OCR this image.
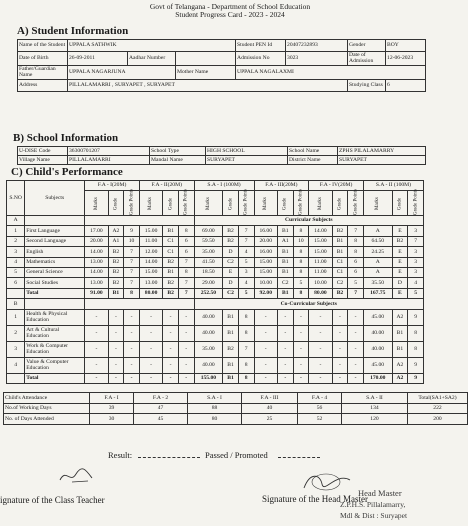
Govt of Telangana - Department of School Education
Student Progress Card - 2023 - 2024
A) Student Information
Name of the Student	UPPALA SATHWIK			Student PEN Id	20407232893	Gender	BOY
Date of Birth	26-09-2011	Aadhar Number		Admission No	3023	Date of Admission	12-06-2023
Father/Guardian Name	UPPALA NAGARJUNA		Mother Name	UPPALA NAGALAXMI			
Address	PILLALAMARRI , SURYAPET , SURYAPET					Studying Class	6
B) School Information
U-DISE Code	36300701207	School Type	HIGH SCHOOL	School Name	ZPHS PILALAMARRY
Village Name	PILLALAMARRI	Mandal Name	SURYAPET	District Name	SURYAPET
C) Child's Performance
S.NO	Subjects	F.A - I(20M)			F.A - II(20M)			S.A - I (100M)			F.A - III(20M)			F.A - IV(20M)			S.A - II (100M)		
		Marks	Grade	Grade Points	Marks	Grade	Grade Points	Marks	Grade	Grade Points	Marks	Grade	Grade Points	Marks	Grade	Grade Points	Marks	Grade	Grade Points
A								Curricular Subjects											
1	First Language	17.00	A2	9	15.00	B1	8	69.00	B2	7	16.00	B1	8	14.00	B2	7	A	E	3
2	Second Language	20.00	A1	10	11.00	C1	6	59.50	B2	7	20.00	A1	10	15.00	B1	8	64.50	B2	7
3	English	14.00	B2	7	12.00	C1	6	35.00	D	4	16.00	B1	8	15.00	B1	8	24.25	E	3
4	Mathematics	13.00	B2	7	14.00	B2	7	41.50	C2	5	15.00	B1	8	11.00	C1	6	A	E	3
5	General Science	14.00	B2	7	15.00	B1	8	18.50	E	3	15.00	B1	8	11.00	C1	6	A	E	3
6	Social Studies	13.00	B2	7	13.00	B2	7	29.00	D	4	10.00	C2	5	10.00	C2	5	35.50	D	4
	Total	91.00	B1	8	80.00	B2	7	252.50	C2	5	92.00	B1	8	80.00	B2	7	167.75	E	5
B								Co-Curricular Subjects											
1	Health & Physical Education	-	-	-	-	-	-	40.00	B1	8	-	-	-	-	-	-	45.00	A2	9
2	Art & Cultural Education	-	-	-	-	-	-	40.00	B1	8	-	-	-	-	-	-	40.00	B1	8
3	Work & Computer Education	-	-	-	-	-	-	35.00	B2	7	-	-	-	-	-	-	40.00	B1	8
4	Value & Computer Education	-	-	-	-	-	-	40.00	B1	8	-	-	-	-	-	-	45.00	A2	9
	Total	-	-	-	-	-	-	155.00	B1	8	-	-	-	-	-	-	170.00	A2	9
Child's Attendance	F.A - I	F.A - 2	S.A - I	F.A - III	F.A - 4	S.A - II	Total(SA1+SA2)
No.of Working Days	39	47	88	40	56	134	222
No. of Days Attended	30	45	80	25	52	120	200
Result:	Passed / Promoted
ignature of the Class Teacher	Signature of the Head Master
Head Master
Z.P.H.S. Pillalamarry,
Mdl & Dist : Suryapet
